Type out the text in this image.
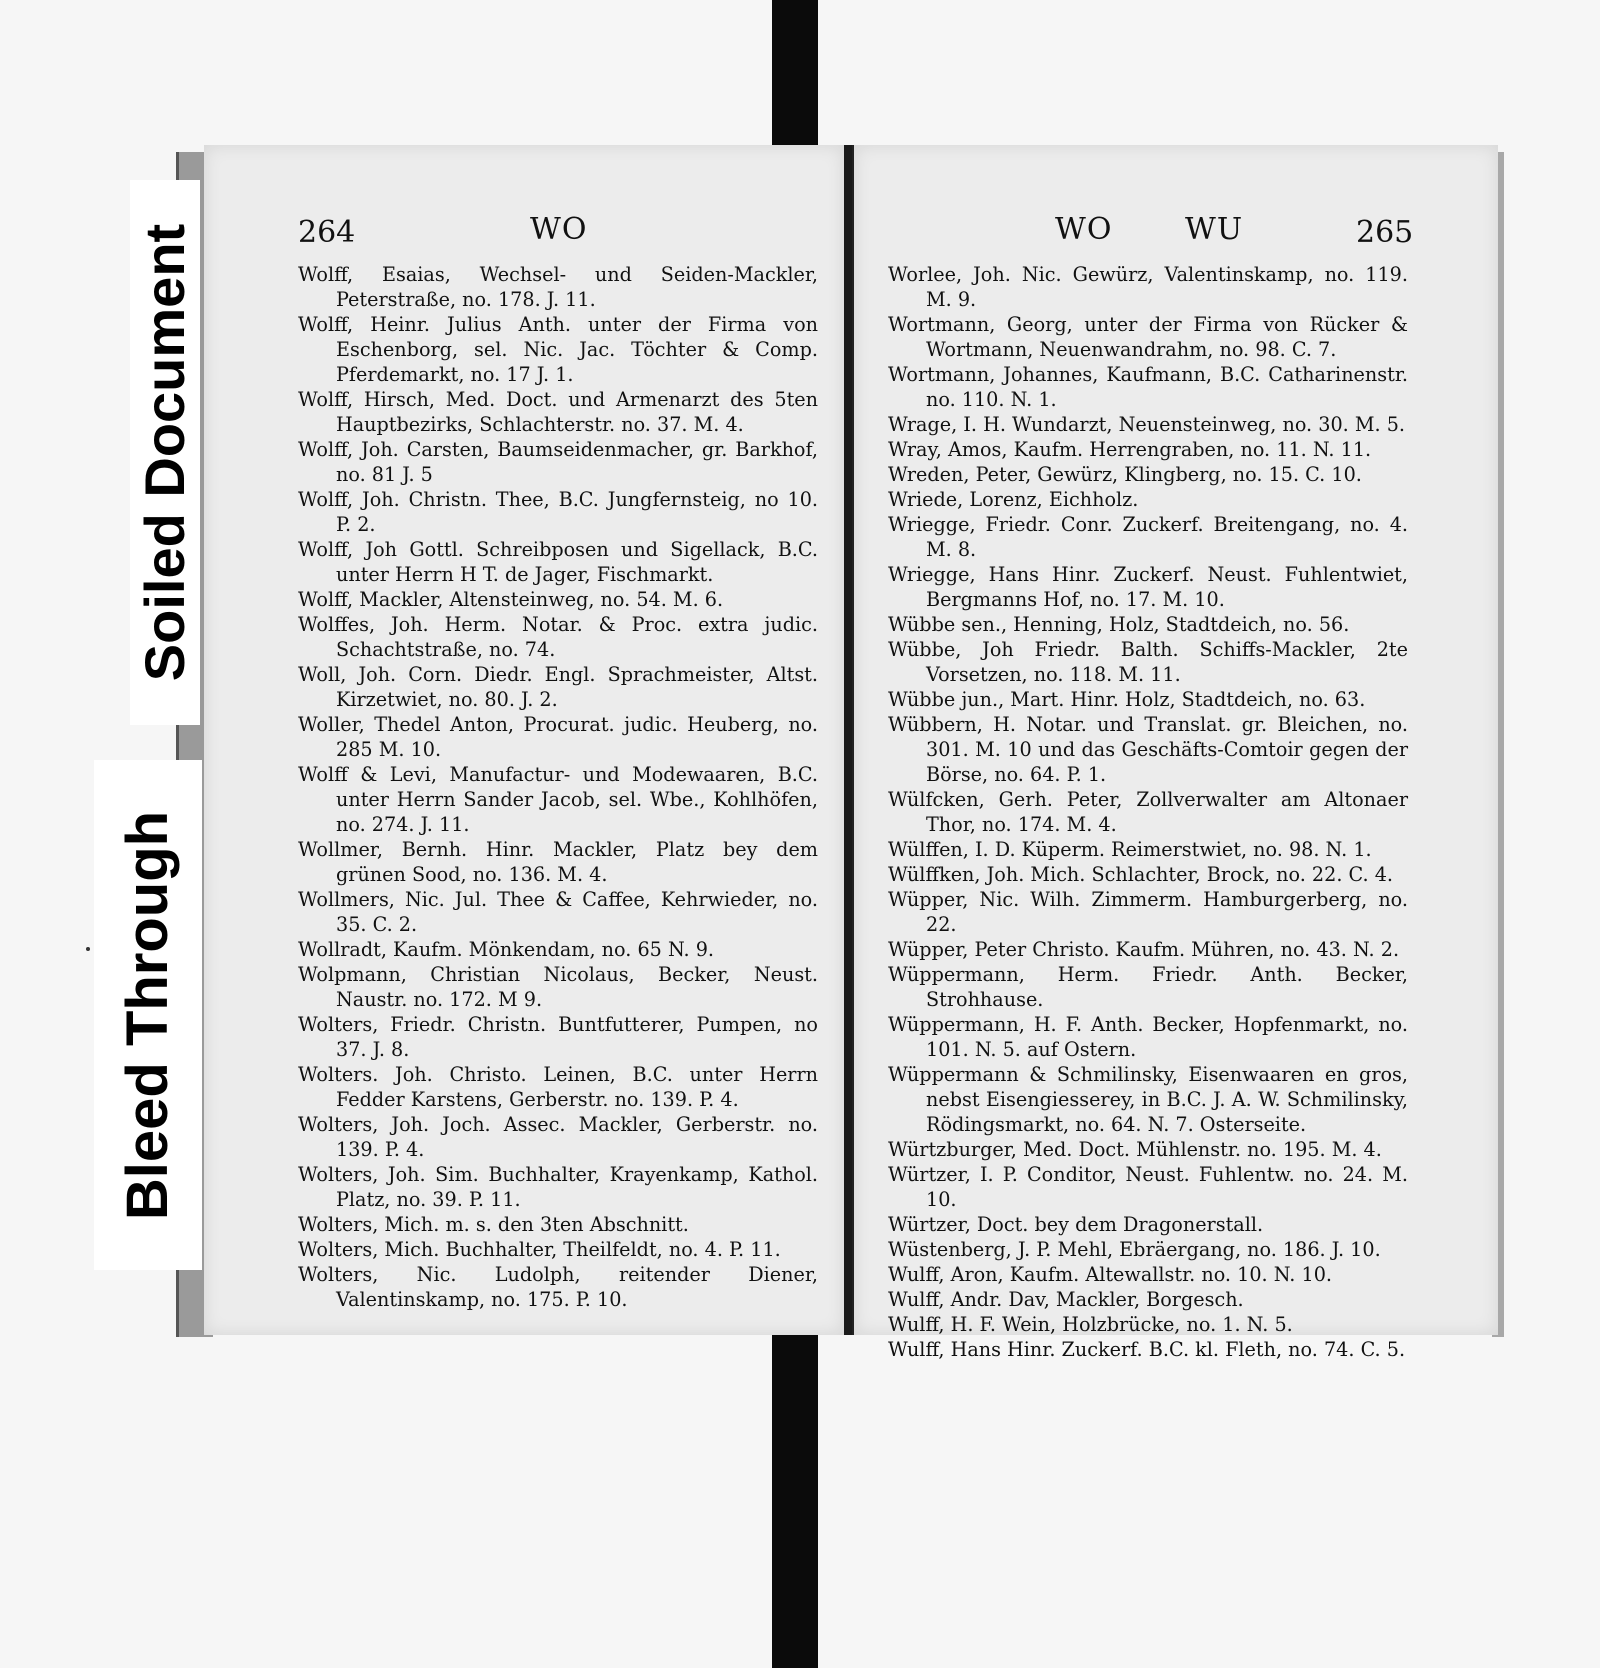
264	WO

Wolff, Esaias, Wechsel- und Seiden-Mackler, Peterstraße, no. 178. J. 11.

Wolff, Heinr. Julius Anth. unter der Firma von Eschenborg, sel. Nic. Jac. Töchter & Comp. Pferdemarkt, no. 17 J. 1.

Wolff, Hirsch, Med. Doct. und Armenarzt des 5ten Hauptbezirks, Schlachterstr. no. 37. M. 4.

Wolff, Joh. Carsten, Baumseidenmacher, gr. Barkhof, no. 81 J. 5

Wolff, Joh. Christn. Thee, B.C. Jungfernsteig, no 10. P. 2.

Wolff, Joh Gottl. Schreibposen und Sigellack, B.C. unter Herrn H T. de Jager, Fischmarkt.

Wolff, Mackler, Altensteinweg, no. 54. M. 6.

Wolffes, Joh. Herm. Notar. & Proc. extra judic. Schachtstraße, no. 74.

Woll, Joh. Corn. Diedr. Engl. Sprachmeister, Altst. Kirzetwiet, no. 80. J. 2.

Woller, Thedel Anton, Procurat. judic. Heuberg, no. 285 M. 10.

Wolff & Levi, Manufactur- und Modewaaren, B.C. unter Herrn Sander Jacob, sel. Wbe., Kohlhöfen, no. 274. J. 11.

Wollmer, Bernh. Hinr. Mackler, Platz bey dem grünen Sood, no. 136. M. 4.

Wollmers, Nic. Jul. Thee & Caffee, Kehrwieder, no. 35. C. 2.

Wollradt, Kaufm. Mönkendam, no. 65 N. 9.

Wolpmann, Christian Nicolaus, Becker, Neust. Naustr. no. 172. M 9.

Wolters, Friedr. Christn. Buntfutterer, Pumpen, no 37. J. 8.

Wolters. Joh. Christo. Leinen, B.C. unter Herrn Fedder Karstens, Gerberstr. no. 139. P. 4.

Wolters, Joh. Joch. Assec. Mackler, Gerberstr. no. 139. P. 4.

Wolters, Joh. Sim. Buchhalter, Krayenkamp, Kathol. Platz, no. 39. P. 11.

Wolters, Mich. m. s. den 3ten Abschnitt.

Wolters, Mich. Buchhalter, Theilfeldt, no. 4. P. 11.

Wolters, Nic. Ludolph, reitender Diener, Valentinskamp, no. 175. P. 10.

WO WU	265

Worlee, Joh. Nic. Gewürz, Valentinskamp, no. 119. M. 9.

Wortmann, Georg, unter der Firma von Rücker & Wortmann, Neuenwandrahm, no. 98. C. 7.

Wortmann, Johannes, Kaufmann, B.C. Catharinenstr. no. 110. N. 1.

Wrage, I. H. Wundarzt, Neuensteinweg, no. 30. M. 5.

Wray, Amos, Kaufm. Herrengraben, no. 11. N. 11.

Wreden, Peter, Gewürz, Klingberg, no. 15. C. 10.

Wriede, Lorenz, Eichholz.

Wriegge, Friedr. Conr. Zuckerf. Breitengang, no. 4. M. 8.

Wriegge, Hans Hinr. Zuckerf. Neust. Fuhlentwiet, Bergmanns Hof, no. 17. M. 10.

Wübbe sen., Henning, Holz, Stadtdeich, no. 56.

Wübbe, Joh Friedr. Balth. Schiffs-Mackler, 2te Vorsetzen, no. 118. M. 11.

Wübbe jun., Mart. Hinr. Holz, Stadtdeich, no. 63.

Wübbern, H. Notar. und Translat. gr. Bleichen, no. 301. M. 10 und das Geschäfts-Comtoir gegen der Börse, no. 64. P. 1.

Wülfcken, Gerh. Peter, Zollverwalter am Altonaer Thor, no. 174. M. 4.

Wülffen, I. D. Küperm. Reimerstwiet, no. 98. N. 1.

Wülffken, Joh. Mich. Schlachter, Brock, no. 22. C. 4.

Wüpper, Nic. Wilh. Zimmerm. Hamburgerberg, no. 22.

Wüpper, Peter Christo. Kaufm. Mühren, no. 43. N. 2.

Wüppermann, Herm. Friedr. Anth. Becker, Strohhause.

Wüppermann, H. F. Anth. Becker, Hopfenmarkt, no. 101. N. 5. auf Ostern.

Wüppermann & Schmilinsky, Eisenwaaren en gros, nebst Eisengiesserey, in B.C. J. A. W. Schmilinsky, Rödingsmarkt, no. 64. N. 7. Osterseite.

Würtzburger, Med. Doct. Mühlenstr. no. 195. M. 4.

Würtzer, I. P. Conditor, Neust. Fuhlentw. no. 24. M. 10.

Würtzer, Doct. bey dem Dragonerstall.

Wüstenberg, J. P. Mehl, Ebräergang, no. 186. J. 10.

Wulff, Aron, Kaufm. Altewallstr. no. 10. N. 10.

Wulff, Andr. Dav, Mackler, Borgesch.

Wulff, H. F. Wein, Holzbrücke, no. 1. N. 5.

Wulff, Hans Hinr. Zuckerf. B.C. kl. Fleth, no. 74. C. 5.

Soiled Document
Bleed Through
